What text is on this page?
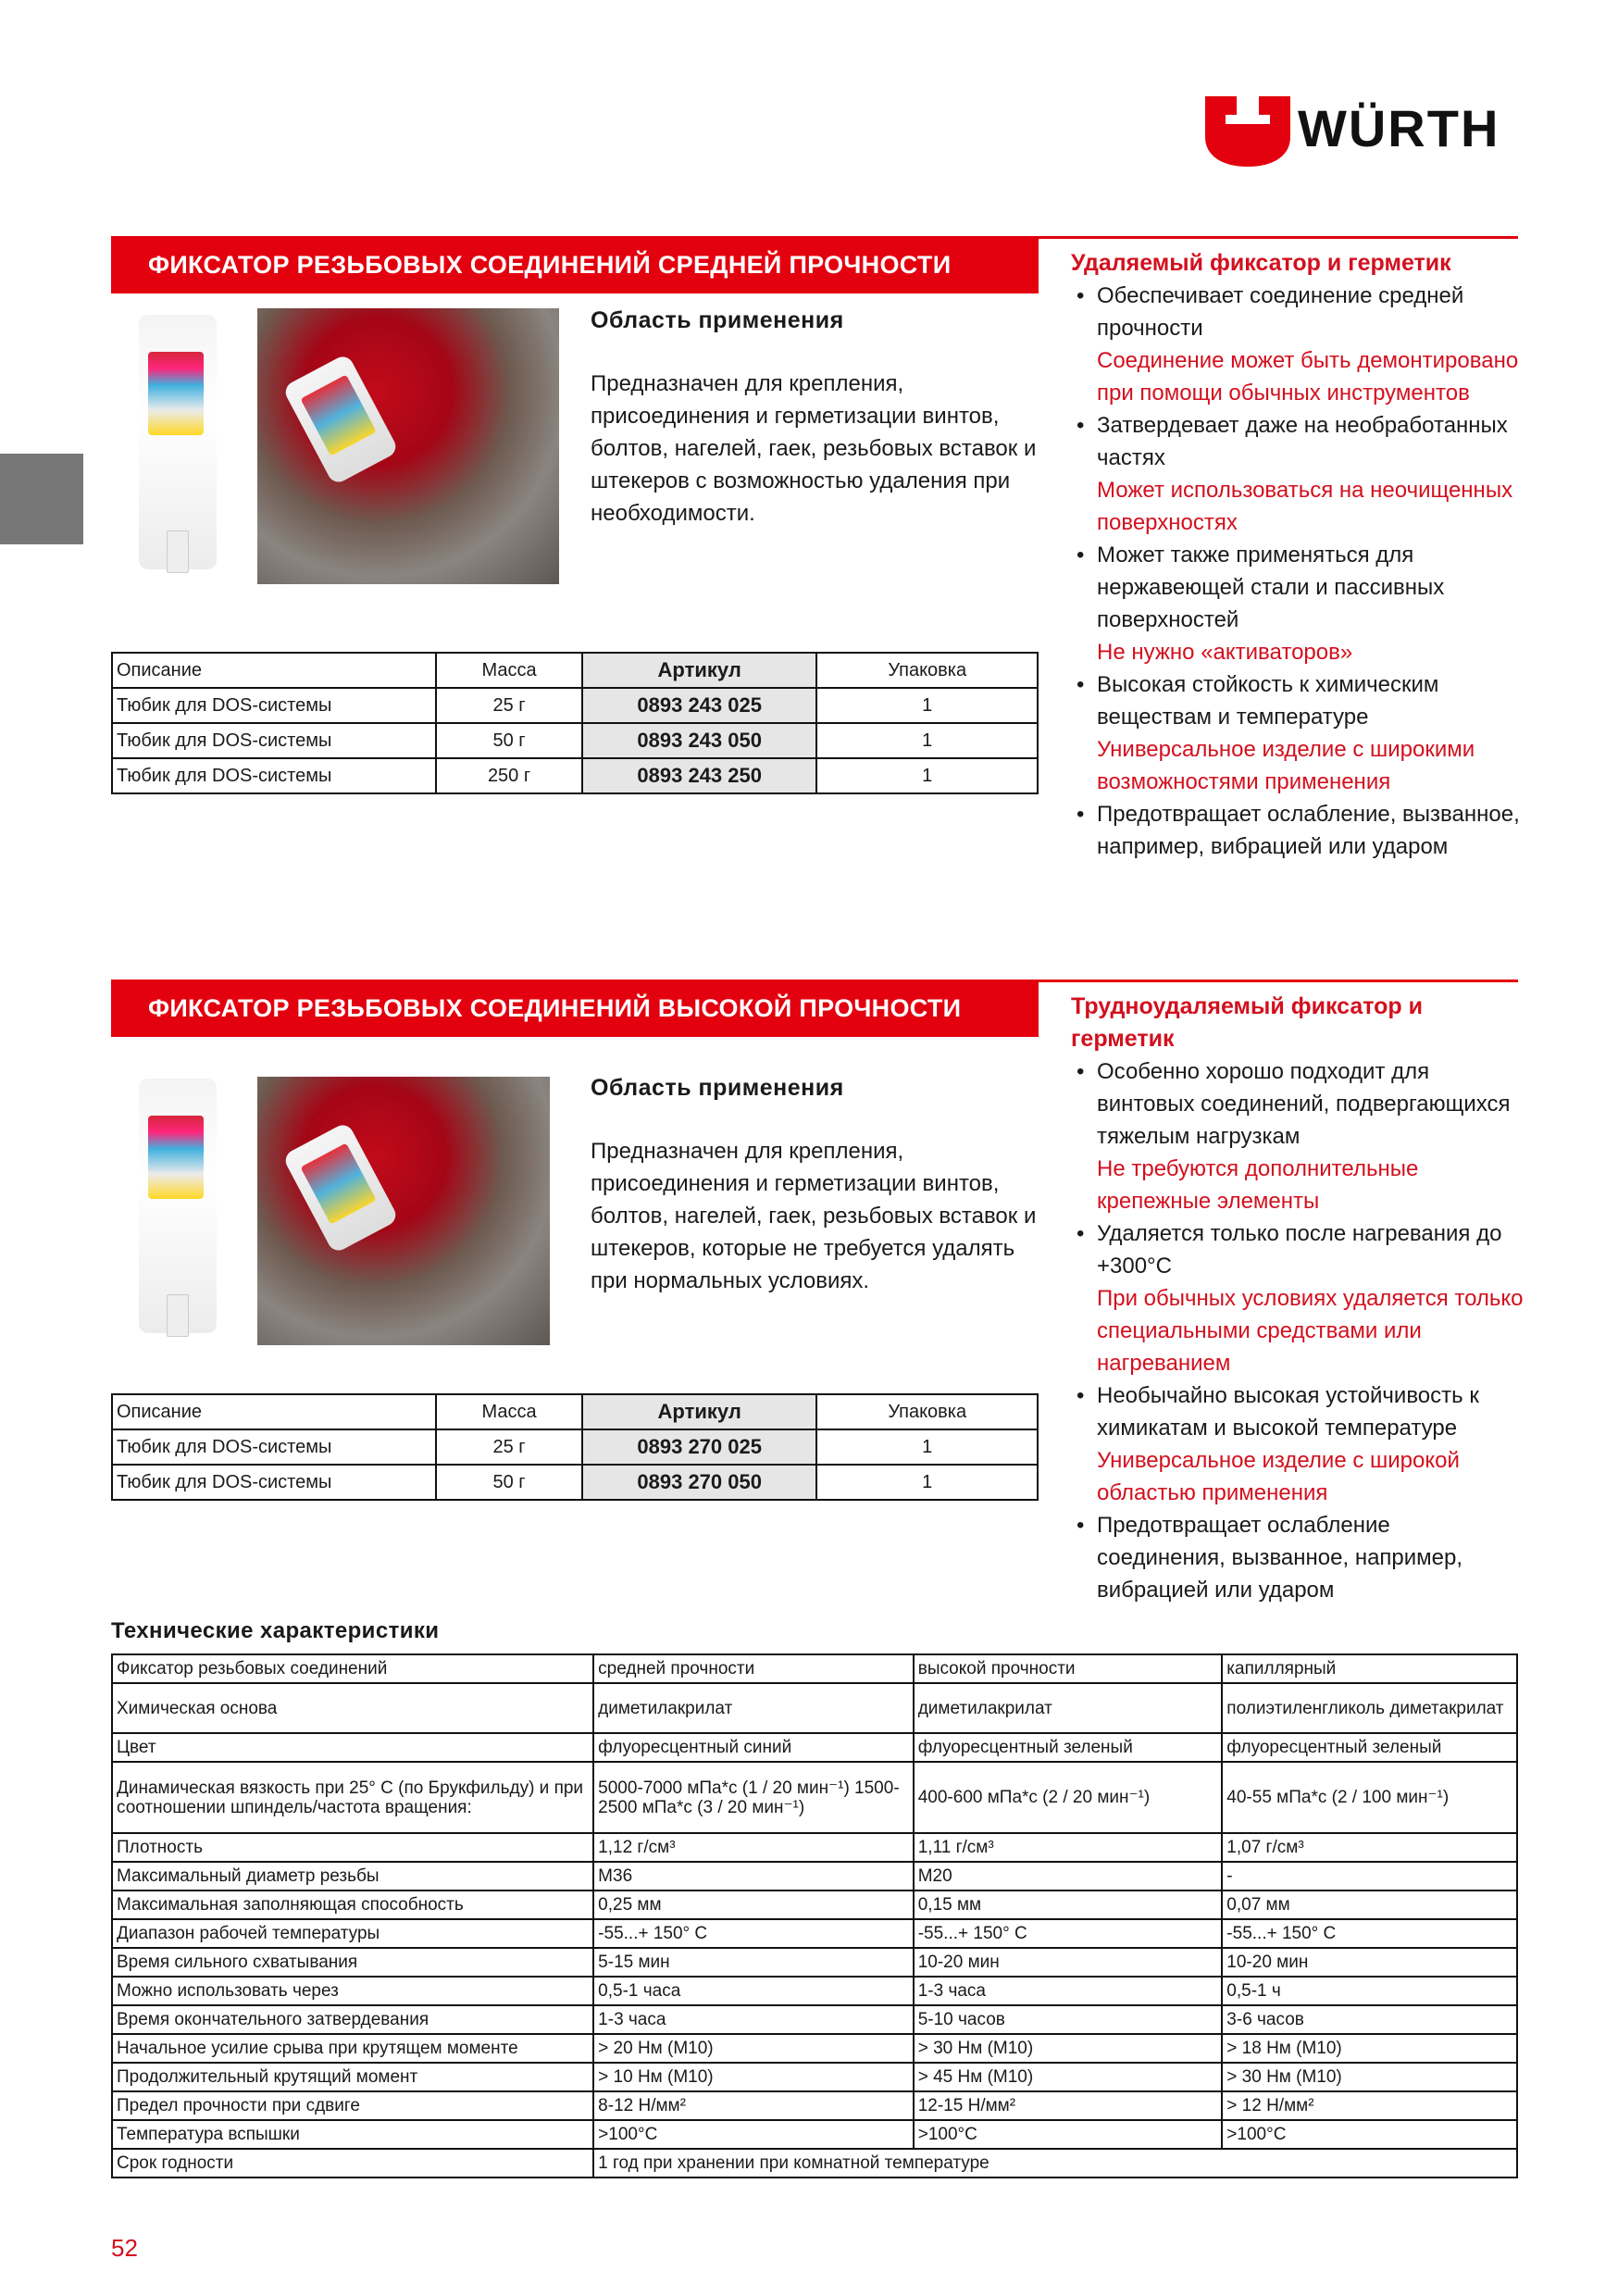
WÜRTH
ФИКСАТОР РЕЗЬБОВЫХ СОЕДИНЕНИЙ СРЕДНЕЙ ПРОЧНОСТИ
Область применения
Предназначен для крепления, присоединения и герметизации винтов, болтов, нагелей, гаек, резьбовых вставок и штекеров с возможностью удаления при необходимости.
Удаляемый фиксатор и герметик
• Обеспечивает соединение средней прочности
Соединение может быть демонтировано при помощи обычных инструментов
• Затвердевает даже на необработанных частях
Может использоваться на неочищенных поверхностях
• Может также применяться для нержавеющей стали и пассивных поверхностей
Не нужно «активаторов»
• Высокая стойкость к химическим веществам и температуре
Универсальное изделие с широкими возможностями применения
• Предотвращает ослабление, вызванное, например, вибрацией или ударом
Описание	Масса	Артикул	Упаковка
Тюбик для DOS-системы	25 г	0893 243 025	1
Тюбик для DOS-системы	50 г	0893 243 050	1
Тюбик для DOS-системы	250 г	0893 243 250	1
ФИКСАТОР РЕЗЬБОВЫХ СОЕДИНЕНИЙ ВЫСОКОЙ ПРОЧНОСТИ
Область применения
Предназначен для крепления, присоединения и герметизации винтов, болтов, нагелей, гаек, резьбовых вставок и штекеров, которые не требуется удалять при нормальных условиях.
Трудноудаляемый фиксатор и герметик
• Особенно хорошо подходит для винтовых соединений, подвергающихся тяжелым нагрузкам
Не требуются дополнительные крепежные элементы
• Удаляется только после нагревания до +300°C
При обычных условиях удаляется только специальными средствами или нагреванием
• Необычайно высокая устойчивость к химикатам и высокой температуре
Универсальное изделие с широкой областью применения
• Предотвращает ослабление соединения, вызванное, например, вибрацией или ударом
Описание	Масса	Артикул	Упаковка
Тюбик для DOS-системы	25 г	0893 270 025	1
Тюбик для DOS-системы	50 г	0893 270 050	1
Технические характеристики
Фиксатор резьбовых соединений	средней прочности	высокой прочности	капиллярный
Химическая основа	диметилакрилат	диметилакрилат	полиэтиленгликоль диметакрилат
Цвет	флуоресцентный синий	флуоресцентный зеленый	флуоресцентный зеленый
Динамическая вязкость при 25° C (по Брукфильду) и при соотношении шпиндель/частота вращения:	5000-7000 мПа*с (1 / 20 мин⁻¹) 1500-2500 мПа*с (3 / 20 мин⁻¹)	400-600 мПа*с (2 / 20 мин⁻¹)	40-55 мПа*с (2 / 100 мин⁻¹)
Плотность	1,12 г/см³	1,11 г/см³	1,07 г/см³
Максимальный диаметр резьбы	M36	M20	-
Максимальная заполняющая способность	0,25 мм	0,15 мм	0,07 мм
Диапазон рабочей температуры	-55...+ 150° C	-55...+ 150° C	-55...+ 150° C
Время сильного схватывания	5-15 мин	10-20 мин	10-20 мин
Можно использовать через	0,5-1 часа	1-3 часа	0,5-1 ч
Время окончательного затвердевания	1-3 часа	5-10 часов	3-6 часов
Начальное усилие срыва при крутящем моменте	> 20 Нм (M10)	> 30 Нм (M10)	> 18 Нм (M10)
Продолжительный крутящий момент	> 10 Нм (M10)	> 45 Нм (M10)	> 30 Нм (M10)
Предел прочности при сдвиге	8-12 Н/мм²	12-15 Н/мм²	> 12 Н/мм²
Температура вспышки	>100°C	>100°C	>100°C
Срок годности	1 год при хранении при комнатной температуре		
52
